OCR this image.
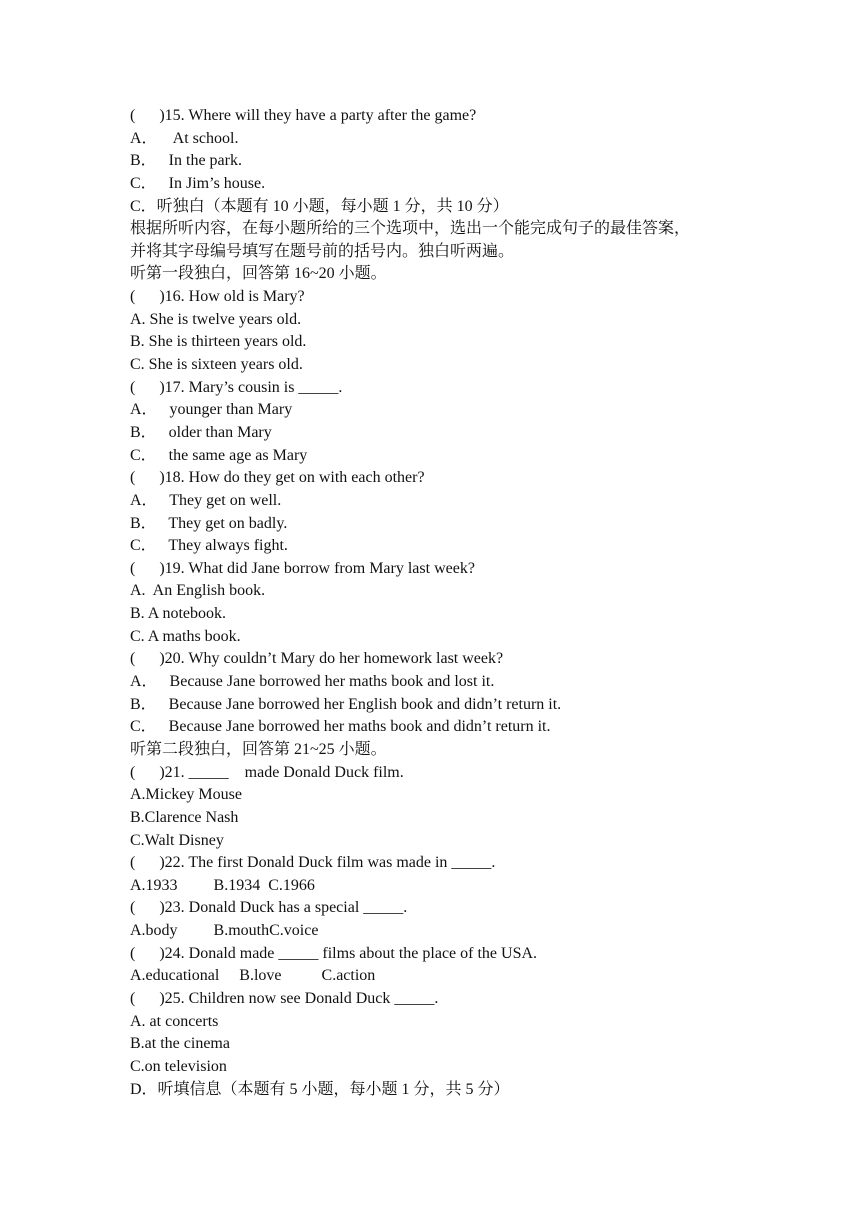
(      )15. Where will they have a party after the game?
A．    At school.
B．   In the park.
C．   In Jim’s house.
C．听独白（本题有 10 小题，每小题 1 分，共 10 分）
根据所听内容，在每小题所给的三个选项中，选出一个能完成句子的最佳答案，
并将其字母编号填写在题号前的括号内。独白听两遍。
听第一段独白，回答第 16~20 小题。
(      )16. How old is Mary?
A. She is twelve years old.
B. She is thirteen years old.
C. She is sixteen years old.
(      )17. Mary’s cousin is _____.
A．   younger than Mary
B．   older than Mary
C．   the same age as Mary
(      )18. How do they get on with each other?
A．   They get on well.
B．   They get on badly.
C．   They always fight.
(      )19. What did Jane borrow from Mary last week?
A.  An English book.
B. A notebook.
C. A maths book.
(      )20. Why couldn’t Mary do her homework last week?
A．   Because Jane borrowed her maths book and lost it.
B．   Because Jane borrowed her English book and didn’t return it.
C．   Because Jane borrowed her maths book and didn’t return it.
听第二段独白，回答第 21~25 小题。
(      )21. _____    made Donald Duck film.
A.Mickey Mouse
B.Clarence Nash
C.Walt Disney
(      )22. The first Donald Duck film was made in _____.
A.1933         B.1934  C.1966
(      )23. Donald Duck has a special _____.
A.body         B.mouthC.voice
(      )24. Donald made _____ films about the place of the USA.
A.educational     B.love          C.action
(      )25. Children now see Donald Duck _____.
A. at concerts
B.at the cinema
C.on television
D．听填信息（本题有 5 小题，每小题 1 分，共 5 分）
